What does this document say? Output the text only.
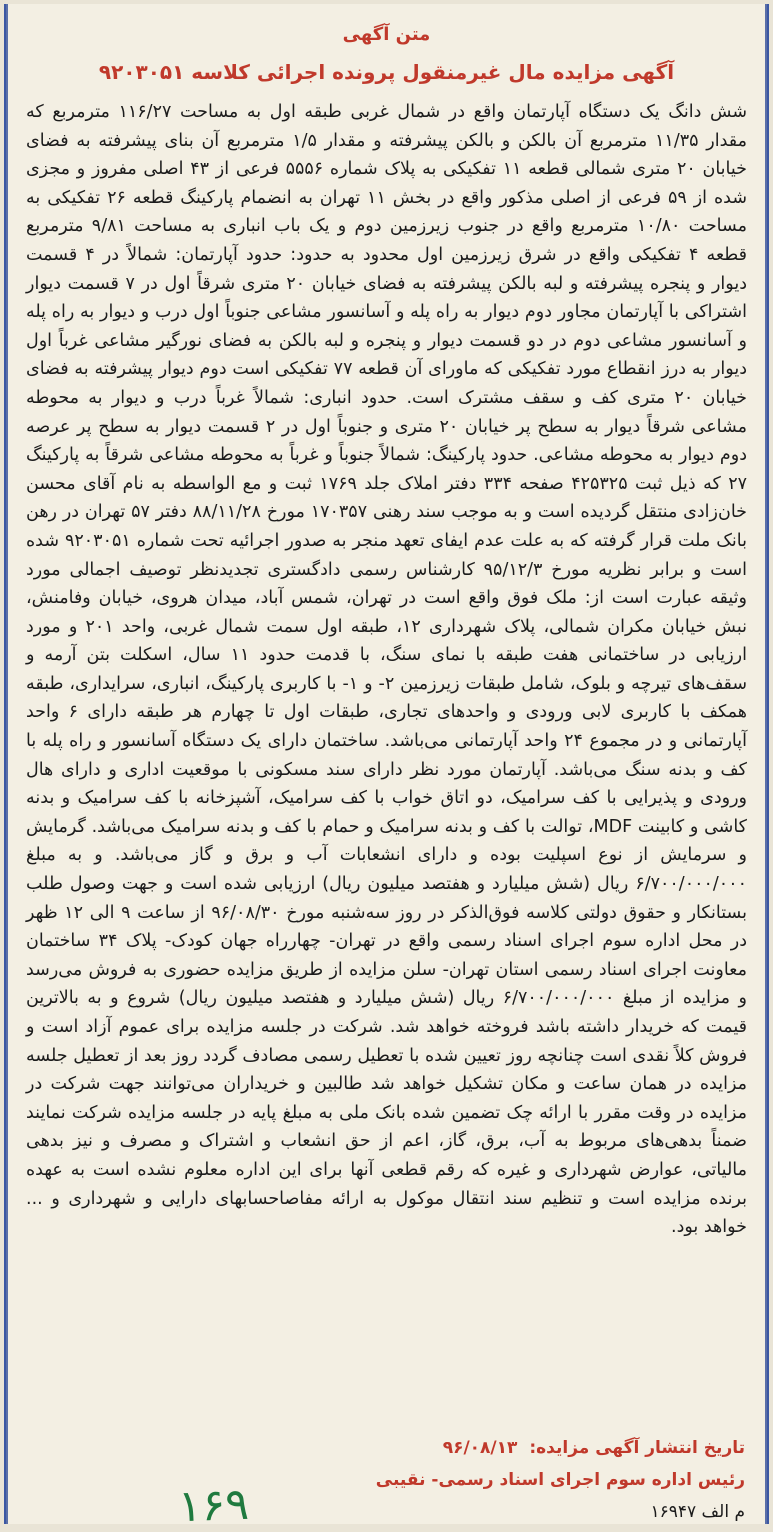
متن آگهی
آگهی مزایده مال غیرمنقول پرونده اجرائی کلاسه ۹۲۰۳۰۵۱
شش دانگ یک دستگاه آپارتمان واقع در شمال غربی طبقه اول به مساحت ۱۱۶/۲۷ مترمربع که مقدار ۱۱/۳۵ مترمربع آن بالکن و بالکن پیشرفته و مقدار ۱/۵ مترمربع آن بنای پیشرفته به فضای خیابان ۲۰ متری شمالی قطعه ۱۱ تفکیکی به پلاک شماره ۵۵۵۶ فرعی از ۴۳ اصلی مفروز و مجزی شده از ۵۹ فرعی از اصلی مذکور واقع در بخش ۱۱ تهران به انضمام پارکینگ قطعه ۲۶ تفکیکی به مساحت ۱۰/۸۰ مترمربع واقع در جنوب زیرزمین دوم و یک باب انباری به مساحت ۹/۸۱ مترمربع قطعه ۴ تفکیکی واقع در شرق زیرزمین اول محدود به حدود: حدود آپارتمان: شمالاً در ۴ قسمت دیوار و پنجره پیشرفته و لبه بالکن پیشرفته به فضای خیابان ۲۰ متری شرقاً اول در ۷ قسمت دیوار اشتراکی با آپارتمان مجاور دوم دیوار به راه پله و آسانسور مشاعی جنوباً اول درب و دیوار به راه پله و آسانسور مشاعی دوم در دو قسمت دیوار و پنجره و لبه بالکن به فضای نورگیر مشاعی غرباً اول دیوار به درز انقطاع مورد تفکیکی که ماورای آن قطعه ۷۷ تفکیکی است دوم دیوار پیشرفته به فضای خیابان ۲۰ متری کف و سقف مشترک است. حدود انباری: شمالاً غرباً درب و دیوار به محوطه مشاعی شرقاً دیوار به سطح پر خیابان ۲۰ متری و جنوباً اول در ۲ قسمت دیوار به سطح پر عرصه دوم دیوار به محوطه مشاعی. حدود پارکینگ: شمالاً جنوباً و غرباً به محوطه مشاعی شرقاً به پارکینگ ۲۷ که ذیل ثبت ۴۲۵۳۲۵ صفحه ۳۳۴ دفتر املاک جلد ۱۷۶۹ ثبت و مع الواسطه به نام آقای محسن خان‌زادی منتقل گردیده است و به موجب سند رهنی ۱۷۰۳۵۷ مورخ ۸۸/۱۱/۲۸ دفتر ۵۷ تهران در رهن بانک ملت قرار گرفته که به علت عدم ایفای تعهد منجر به صدور اجرائیه تحت شماره ۹۲۰۳۰۵۱ شده است و برابر نظریه مورخ ۹۵/۱۲/۳ کارشناس رسمی دادگستری تجدیدنظر توصیف اجمالی مورد وثیقه عبارت است از: ملک فوق واقع است در تهران، شمس آباد، میدان هروی، خیابان وفامنش، نبش خیابان مکران شمالی، پلاک شهرداری ۱۲، طبقه اول سمت شمال غربی، واحد ۲۰۱ و مورد ارزیابی در ساختمانی هفت طبقه با نمای سنگ، با قدمت حدود ۱۱ سال، اسکلت بتن آرمه و سقف‌های تیرچه و بلوک، شامل طبقات زیرزمین ۲- و ۱- با کاربری پارکینگ، انباری، سرایداری، طبقه همکف با کاربری لابی ورودی و واحدهای تجاری، طبقات اول تا چهارم هر طبقه دارای ۶ واحد آپارتمانی و در مجموع ۲۴ واحد آپارتمانی می‌باشد. ساختمان دارای یک دستگاه آسانسور و راه پله با کف و بدنه سنگ می‌باشد. آپارتمان مورد نظر دارای سند مسکونی با موقعیت اداری و دارای هال ورودی و پذیرایی با کف سرامیک، دو اتاق خواب با کف سرامیک، آشپزخانه با کف سرامیک و بدنه کاشی و کابینت MDF، توالت با کف و بدنه سرامیک و حمام با کف و بدنه سرامیک می‌باشد. گرمایش و سرمایش از نوع اسپلیت بوده و دارای انشعابات آب و برق و گاز می‌باشد. و به مبلغ ۶/۷۰۰/۰۰۰/۰۰۰ ریال (شش میلیارد و هفتصد میلیون ریال) ارزیابی شده است و جهت وصول طلب بستانکار و حقوق دولتی کلاسه فوق‌الذکر در روز سه‌شنبه مورخ ۹۶/۰۸/۳۰ از ساعت ۹ الی ۱۲ ظهر در محل اداره سوم اجرای اسناد رسمی واقع در تهران- چهارراه جهان کودک- پلاک ۳۴ ساختمان معاونت اجرای اسناد رسمی استان تهران- سلن مزایده از طریق مزایده حضوری به فروش می‌رسد و مزایده از مبلغ ۶/۷۰۰/۰۰۰/۰۰۰ ریال (شش میلیارد و هفتصد میلیون ریال) شروع و به بالاترین قیمت که خریدار داشته باشد فروخته خواهد شد. شرکت در جلسه مزایده برای عموم آزاد است و فروش کلاً نقدی است چنانچه روز تعیین شده با تعطیل رسمی مصادف گردد روز بعد از تعطیل جلسه مزایده در همان ساعت و مکان تشکیل خواهد شد طالبین و خریداران می‌توانند جهت شرکت در مزایده در وقت مقرر با ارائه چک تضمین شده بانک ملی به مبلغ پایه در جلسه مزایده شرکت نمایند ضمناً بدهی‌های مربوط به آب، برق، گاز، اعم از حق انشعاب و اشتراک و مصرف و نیز بدهی مالیاتی، عوارض شهرداری و غیره که رقم قطعی آنها برای این اداره معلوم نشده است به عهده برنده مزایده است و تنظیم سند انتقال موکول به ارائه مفاصاحسابهای دارایی و شهرداری و ... خواهد بود.
تاریخ انتشار آگهی مزایده: ۹۶/۰۸/۱۳
رئیس اداره سوم اجرای اسناد رسمی- نقیبی
م الف ۱۶۹۴۷
۱۶۹
